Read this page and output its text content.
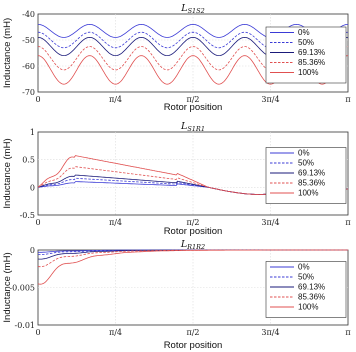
0	π/4	π/2	3π/4	π
-40
-50
-60
-70
$L_{S1S2}$
Rotor position
Inductance (mH)	0%
50%
69.13%
85.36%
100%
0	π/4	π/2	3π/4	π
1
0.5
0
-0.5
$L_{S1R1}$
Rotor position
Inductance (mH)	0%
50%
69.13%
85.36%
100%
0	π/4	π/2	3π/4	π
0
-0.005
-0.01
$L_{R1R2}$
Rotor position
Inductance (mH)	0%
50%
69.13%
85.36%
100%
